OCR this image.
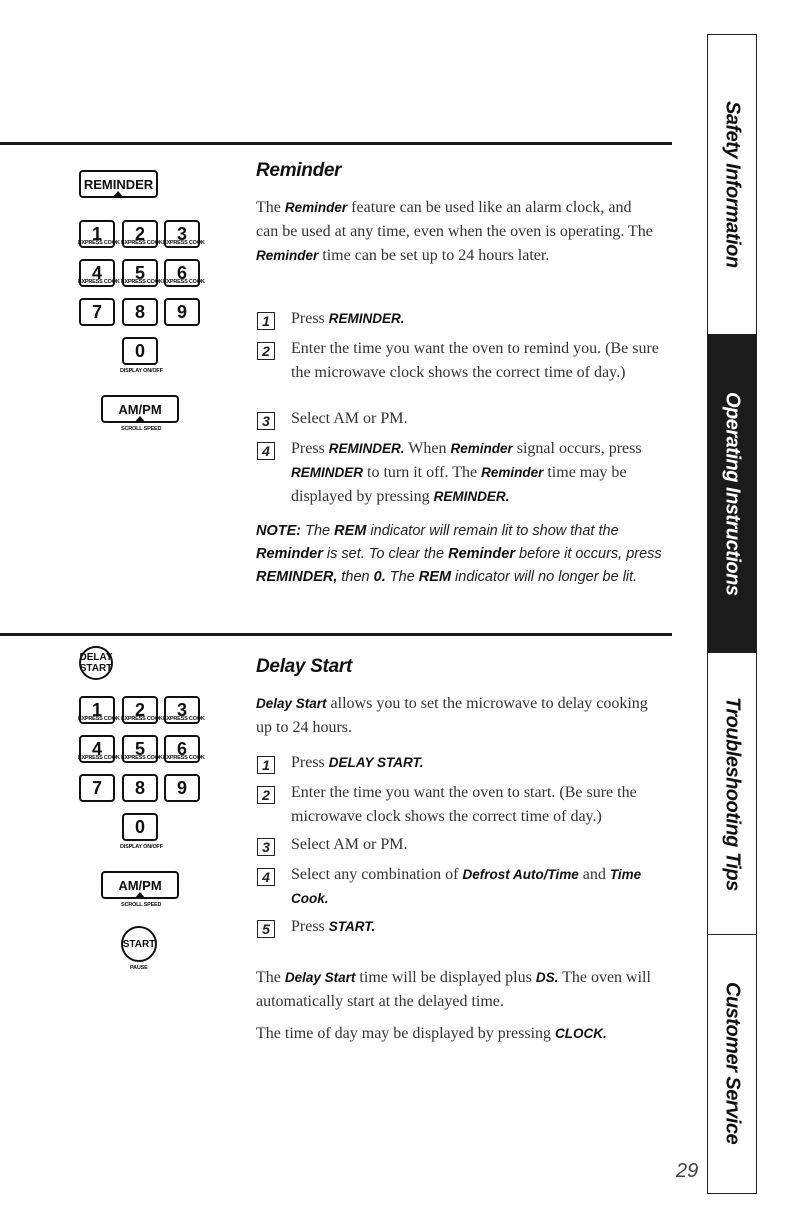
REMINDER
1
EXPRESS COOK 2
EXPRESS COOK 3
EXPRESS COOK
4
EXPRESS COOK 5
EXPRESS COOK 6
EXPRESS COOK
7	8	9
0
DISPLAY ON/OFF
AM/PM
SCROLL SPEED
DELAY
START
1
EXPRESS COOK 2
EXPRESS COOK 3
EXPRESS COOK
4
EXPRESS COOK 5
EXPRESS COOK 6
EXPRESS COOK
7	8	9
0
DISPLAY ON/OFF
AM/PM
SCROLL SPEED
START
PAUSE
Reminder
The Reminder feature can be used like an alarm clock, and can be used at any time, even when the oven is operating. The Reminder time can be set up to 24 hours later.
1	Press REMINDER.
2	Enter the time you want the oven to remind you. (Be sure the microwave clock shows the correct time of day.)
3	Select AM or PM.
4	Press REMINDER. When Reminder signal occurs, press REMINDER to turn it off. The Reminder time may be displayed by pressing REMINDER.
NOTE: The REM indicator will remain lit to show that the Reminder is set. To clear the Reminder before it occurs, press REMINDER, then 0. The REM indicator will no longer be lit.
Delay Start
Delay Start allows you to set the microwave to delay cooking up to 24 hours.
1	Press DELAY START.
2	Enter the time you want the oven to start. (Be sure the microwave clock shows the correct time of day.)
3	Select AM or PM.
4	Select any combination of Defrost Auto/Time and Time Cook.
5	Press START.
The Delay Start time will be displayed plus DS. The oven will automatically start at the delayed time.
The time of day may be displayed by pressing CLOCK.
Safety Information
Operating Instructions
Troubleshooting Tips
Customer Service
29
